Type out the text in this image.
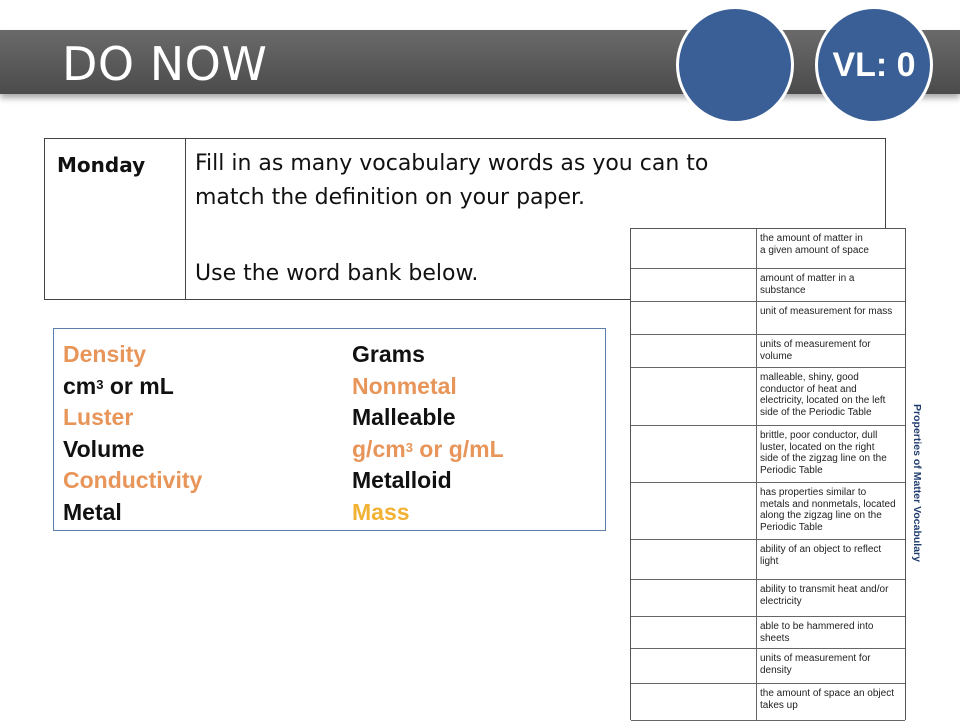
DO NOW	VL: 0
Monday Fill in as many vocabulary words as you can to

match the definition on your paper.

Use the word bank below.

Density
$cm^3$ or mL
Luster
Volume
Conductivity
Metal
Grams
Nonmetal
Malleable
$g/cm^3$ or g/mL
Metalloid
Mass
the amount of matter in
a given amount of space
amount of matter in a
substance
unit of measurement for mass
units of measurement for
volume
malleable, shiny, good
conductor of heat and
electricity, located on the left
side of the Periodic Table
brittle, poor conductor, dull
luster, located on the right
side of the zigzag line on the
Periodic Table
has properties similar to
metals and nonmetals, located
along the zigzag line on the
Periodic Table
ability of an object to reflect
light
ability to transmit heat and/or
electricity
able to be hammered into
sheets
units of measurement for
density
the amount of space an object
takes up
Properties of Matter Vocabulary
